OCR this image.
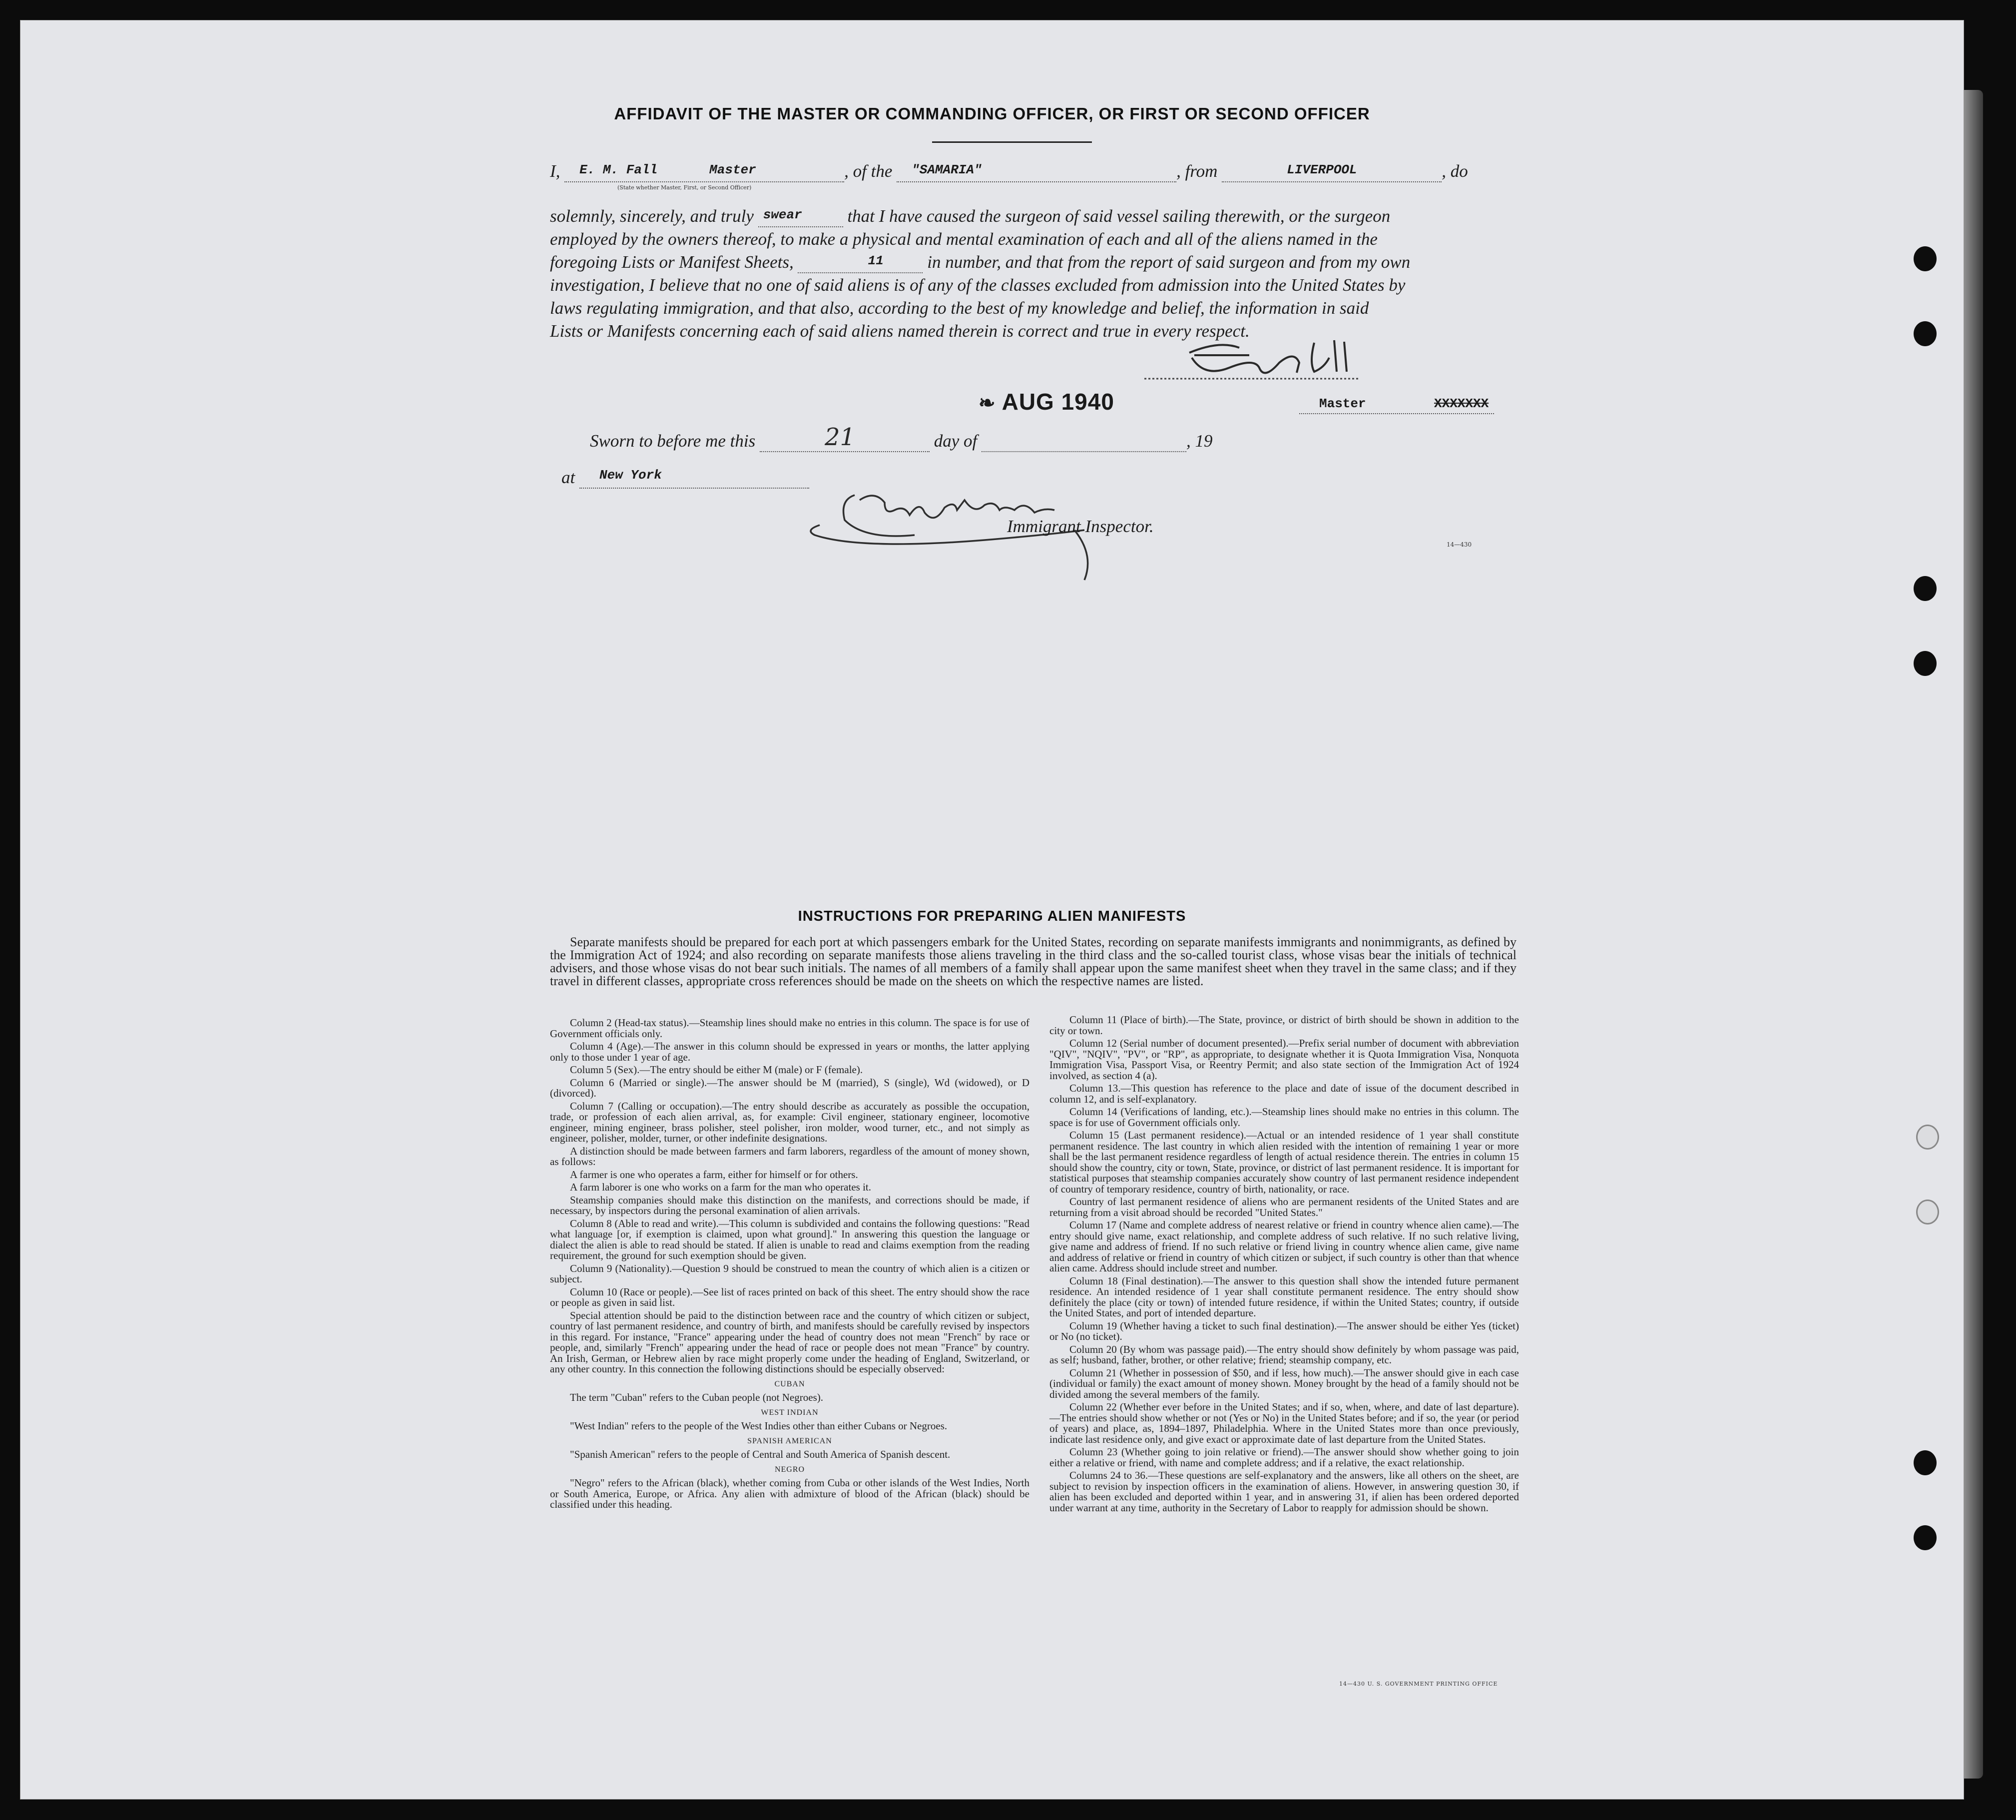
AFFIDAVIT OF THE MASTER OR COMMANDING OFFICER, OR FIRST OR SECOND OFFICER
I, E. M. Fall	Master	, of the "SAMARIA"	, from	LIVERPOOL	, do
(State whether Master, First, or Second Officer)
solemnly, sincerely, and truly swear	that I have caused the surgeon of said vessel sailing therewith, or the surgeon
employed by the owners thereof, to make a physical and mental examination of each and all of the aliens named in the
foregoing Lists or Manifest Sheets,	11	in number, and that from the report of said surgeon and from my own
investigation, I believe that no one of said aliens is of any of the classes excluded from admission into the United States by
laws regulating immigration, and that also, according to the best of my knowledge and belief, the information in said
Lists or Manifests concerning each of said aliens named therein is correct and true in every respect.
❧ AUG 1940	Master	XXXXXXX
Sworn to before me this	21	day of	, 19
at New York

Immigrant Inspector.
14—430
INSTRUCTIONS FOR PREPARING ALIEN MANIFESTS

Separate manifests should be prepared for each port at which passengers embark for the United States, recording on separate manifests immigrants and nonimmigrants, as defined by the Immigration Act of 1924; and also recording on separate manifests those aliens traveling in the third class and the so-called tourist class, whose visas bear the initials of technical advisers, and those whose visas do not bear such initials. The names of all members of a family shall appear upon the same manifest sheet when they travel in the same class; and if they travel in different classes, appropriate cross references should be made on the sheets on which the respective names are listed.

Column 2 (Head-tax status).—Steamship lines should make no entries in this column. The space is for use of Government officials only.

Column 4 (Age).—The answer in this column should be expressed in years or months, the latter applying only to those under 1 year of age.

Column 5 (Sex).—The entry should be either M (male) or F (female).

Column 6 (Married or single).—The answer should be M (married), S (single), Wd (widowed), or D (divorced).

Column 7 (Calling or occupation).—The entry should describe as accurately as possible the occupation, trade, or profession of each alien arrival, as, for example: Civil engineer, stationary engineer, locomotive engineer, mining engineer, brass polisher, steel polisher, iron molder, wood turner, etc., and not simply as engineer, polisher, molder, turner, or other indefinite designations.

A distinction should be made between farmers and farm laborers, regardless of the amount of money shown, as follows:

A farmer is one who operates a farm, either for himself or for others.

A farm laborer is one who works on a farm for the man who operates it.

Steamship companies should make this distinction on the manifests, and corrections should be made, if necessary, by inspectors during the personal examination of alien arrivals.

Column 8 (Able to read and write).—This column is subdivided and contains the following questions: "Read what language [or, if exemption is claimed, upon what ground]." In answering this question the language or dialect the alien is able to read should be stated. If alien is unable to read and claims exemption from the reading requirement, the ground for such exemption should be given.

Column 9 (Nationality).—Question 9 should be construed to mean the country of which alien is a citizen or subject.

Column 10 (Race or people).—See list of races printed on back of this sheet. The entry should show the race or people as given in said list.

Special attention should be paid to the distinction between race and the country of which citizen or subject, country of last permanent residence, and country of birth, and manifests should be carefully revised by inspectors in this regard. For instance, "France" appearing under the head of country does not mean "French" by race or people, and, similarly "French" appearing under the head of race or people does not mean "France" by country. An Irish, German, or Hebrew alien by race might properly come under the heading of England, Switzerland, or any other country. In this connection the following distinctions should be especially observed:

CUBAN

The term "Cuban" refers to the Cuban people (not Negroes).

WEST INDIAN

"West Indian" refers to the people of the West Indies other than either Cubans or Negroes.

SPANISH AMERICAN

"Spanish American" refers to the people of Central and South America of Spanish descent.

NEGRO

"Negro" refers to the African (black), whether coming from Cuba or other islands of the West Indies, North or South America, Europe, or Africa. Any alien with admixture of blood of the African (black) should be classified under this heading.

Column 11 (Place of birth).—The State, province, or district of birth should be shown in addition to the city or town.

Column 12 (Serial number of document presented).—Prefix serial number of document with abbreviation "QIV", "NQIV", "PV", or "RP", as appropriate, to designate whether it is Quota Immigration Visa, Nonquota Immigration Visa, Passport Visa, or Reentry Permit; and also state section of the Immigration Act of 1924 involved, as section 4 (a).

Column 13.—This question has reference to the place and date of issue of the document described in column 12, and is self-explanatory.

Column 14 (Verifications of landing, etc.).—Steamship lines should make no entries in this column. The space is for use of Government officials only.

Column 15 (Last permanent residence).—Actual or an intended residence of 1 year shall constitute permanent residence. The last country in which alien resided with the intention of remaining 1 year or more shall be the last permanent residence regardless of length of actual residence therein. The entries in column 15 should show the country, city or town, State, province, or district of last permanent residence. It is important for statistical purposes that steamship companies accurately show country of last permanent residence independent of country of temporary residence, country of birth, nationality, or race.

Country of last permanent residence of aliens who are permanent residents of the United States and are returning from a visit abroad should be recorded "United States."

Column 17 (Name and complete address of nearest relative or friend in country whence alien came).—The entry should give name, exact relationship, and complete address of such relative. If no such relative living, give name and address of friend. If no such relative or friend living in country whence alien came, give name and address of relative or friend in country of which citizen or subject, if such country is other than that whence alien came. Address should include street and number.

Column 18 (Final destination).—The answer to this question shall show the intended future permanent residence. An intended residence of 1 year shall constitute permanent residence. The entry should show definitely the place (city or town) of intended future residence, if within the United States; country, if outside the United States, and port of intended departure.

Column 19 (Whether having a ticket to such final destination).—The answer should be either Yes (ticket) or No (no ticket).

Column 20 (By whom was passage paid).—The entry should show definitely by whom passage was paid, as self; husband, father, brother, or other relative; friend; steamship company, etc.

Column 21 (Whether in possession of $50, and if less, how much).—The answer should give in each case (individual or family) the exact amount of money shown. Money brought by the head of a family should not be divided among the several members of the family.

Column 22 (Whether ever before in the United States; and if so, when, where, and date of last departure).—The entries should show whether or not (Yes or No) in the United States before; and if so, the year (or period of years) and place, as, 1894–1897, Philadelphia. Where in the United States more than once previously, indicate last residence only, and give exact or approximate date of last departure from the United States.

Column 23 (Whether going to join relative or friend).—The answer should show whether going to join either a relative or friend, with name and complete address; and if a relative, the exact relationship.

Columns 24 to 36.—These questions are self-explanatory and the answers, like all others on the sheet, are subject to revision by inspection officers in the examination of aliens. However, in answering question 30, if alien has been excluded and deported within 1 year, and in answering 31, if alien has been ordered deported under warrant at any time, authority in the Secretary of Labor to reapply for admission should be shown.

14—430 U. S. GOVERNMENT PRINTING OFFICE
